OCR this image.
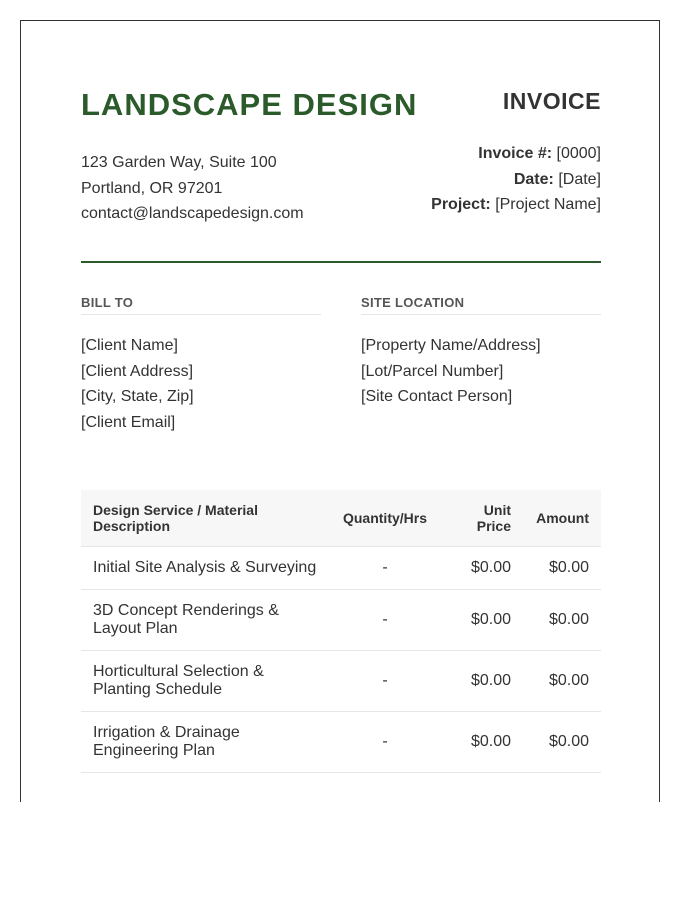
LANDSCAPE DESIGN	INVOICE
123 Garden Way, Suite 100
Portland, OR 97201
contact@landscapedesign.com
Invoice #: [0000]
Date: [Date]
Project: [Project Name]
BILL TO
[Client Name]
[Client Address]
[City, State, Zip]
[Client Email]
SITE LOCATION
[Property Name/Address]
[Lot/Parcel Number]
[Site Contact Person]
Design Service / Material Description	Quantity/Hrs	Unit Price	Amount
Initial Site Analysis & Surveying	-	$0.00	$0.00
3D Concept Renderings & Layout Plan	-	$0.00	$0.00
Horticultural Selection & Planting Schedule	-	$0.00	$0.00
Irrigation & Drainage Engineering Plan	-	$0.00	$0.00
